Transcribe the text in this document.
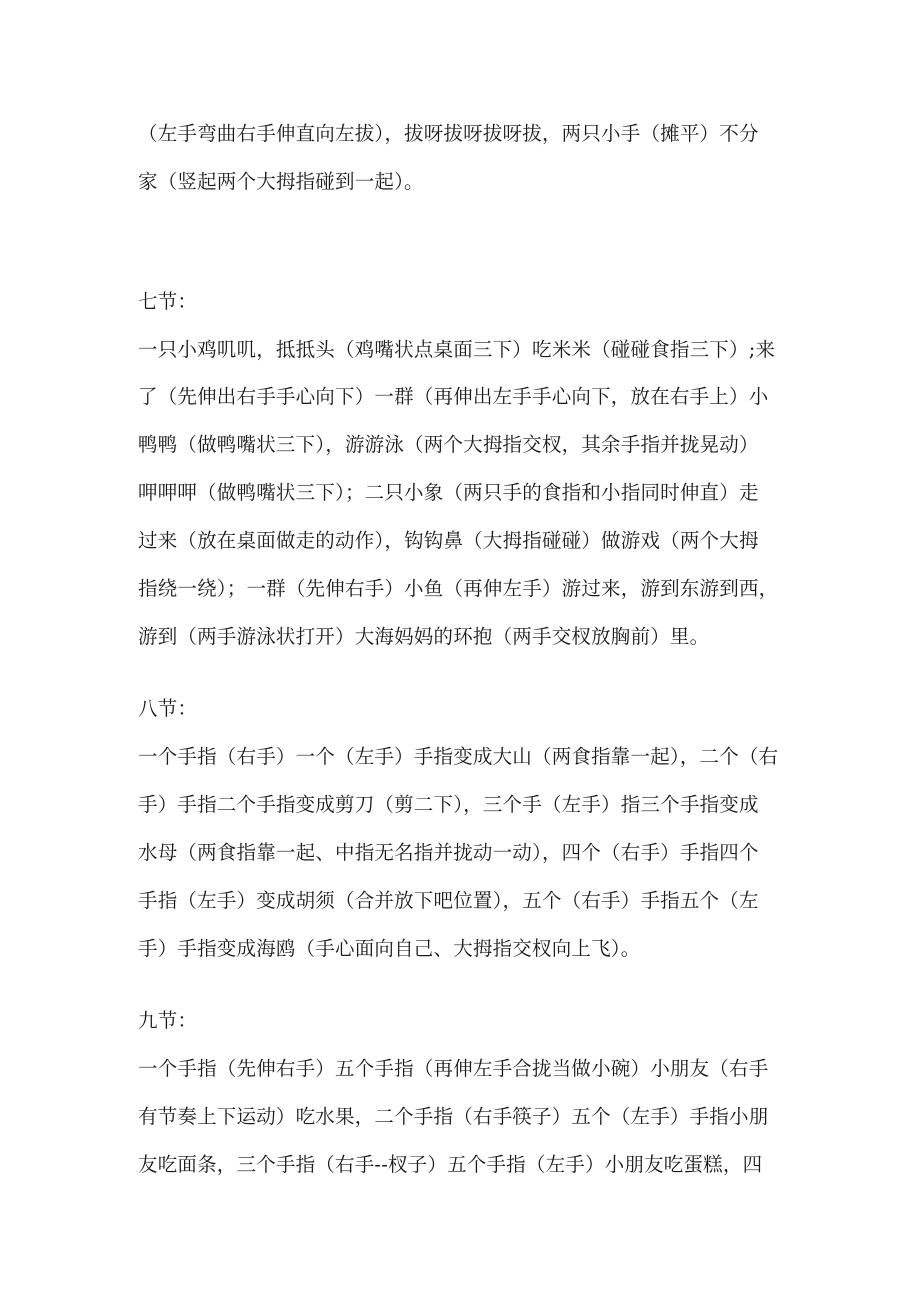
（左手弯曲右手伸直向左拔），拔呀拔呀拔呀拔，两只小手（摊平）不分
家（竖起两个大拇指碰到一起）。
七节：
一只小鸡叽叽，抵抵头（鸡嘴状点桌面三下）吃米米（碰碰食指三下）;来
了（先伸出右手手心向下）一群（再伸出左手手心向下，放在右手上）小
鸭鸭（做鸭嘴状三下），游游泳（两个大拇指交杈，其余手指并拢晃动）
呷呷呷（做鸭嘴状三下）；二只小象（两只手的食指和小指同时伸直）走
过来（放在桌面做走的动作），钩钩鼻（大拇指碰碰）做游戏（两个大拇
指绕一绕）；一群（先伸右手）小鱼（再伸左手）游过来，游到东游到西，
游到（两手游泳状打开）大海妈妈的环抱（两手交杈放胸前）里。
八节：
一个手指（右手）一个（左手）手指变成大山（两食指靠一起），二个（右
手）手指二个手指变成剪刀（剪二下），三个手（左手）指三个手指变成
水母（两食指靠一起、中指无名指并拢动一动），四个（右手）手指四个
手指（左手）变成胡须（合并放下吧位置），五个（右手）手指五个（左
手）手指变成海鸥（手心面向自己、大拇指交杈向上飞）。
九节：
一个手指（先伸右手）五个手指（再伸左手合拢当做小碗）小朋友（右手
有节奏上下运动）吃水果，二个手指（右手筷子）五个（左手）手指小朋
友吃面条，三个手指（右手--杈子）五个手指（左手）小朋友吃蛋糕，四
